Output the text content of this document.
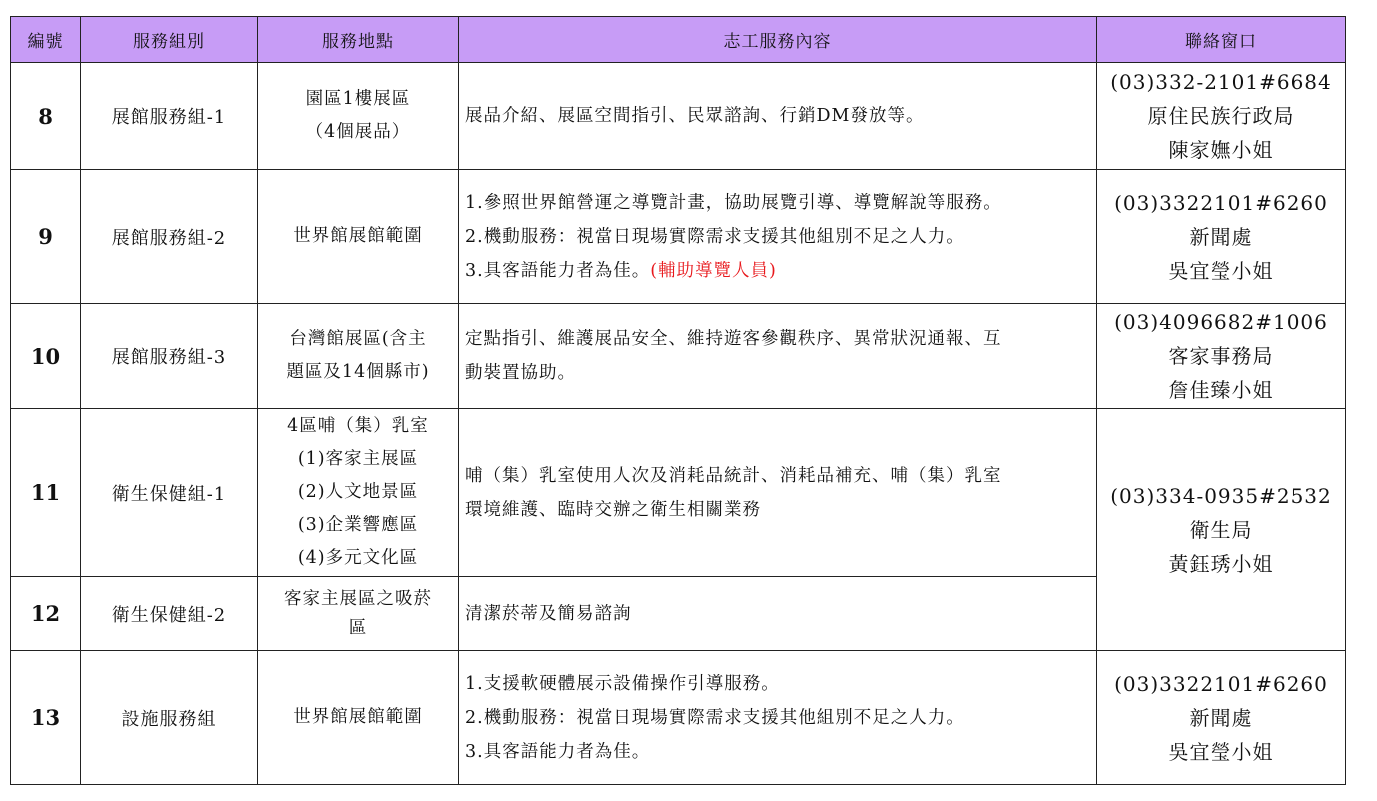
編號	服務組別	服務地點	志工服務內容	聯絡窗口
8	展館服務組-1	園區1樓展區
（4個展品）	展品介紹、展區空間指引、民眾諮詢、行銷DM發放等。	(03)332-2101#6684
原住民族行政局
陳家嫵小姐

9	展館服務組-2	世界館展館範圍	1.參照世界館營運之導覽計畫，協助展覽引導、導覽解說等服務。
2.機動服務：視當日現場實際需求支援其他組別不足之人力。
3.具客語能力者為佳。(輔助導覽人員)	(03)3322101#6260
新聞處
吳宜瑩小姐

10	展館服務組-3	台灣館展區(含主
題區及14個縣市)	定點指引、維護展品安全、維持遊客參觀秩序、異常狀況通報、互
動裝置協助。	(03)4096682#1006
客家事務局
詹佳臻小姐

11	衛生保健組-1	4區哺（集）乳室
(1)客家主展區
(2)人文地景區
(3)企業響應區
(4)多元文化區	哺（集）乳室使用人次及消耗品統計、消耗品補充、哺（集）乳室
環境維護、臨時交辦之衛生相關業務	(03)334-0935#2532
衛生局
黃鈺琇小姐

12	衛生保健組-2	客家主展區之吸菸
區	清潔菸蒂及簡易諮詢	

13	設施服務組	世界館展館範圍	1.支援軟硬體展示設備操作引導服務。
2.機動服務：視當日現場實際需求支援其他組別不足之人力。
3.具客語能力者為佳。	(03)3322101#6260
新聞處
吳宜瑩小姐
